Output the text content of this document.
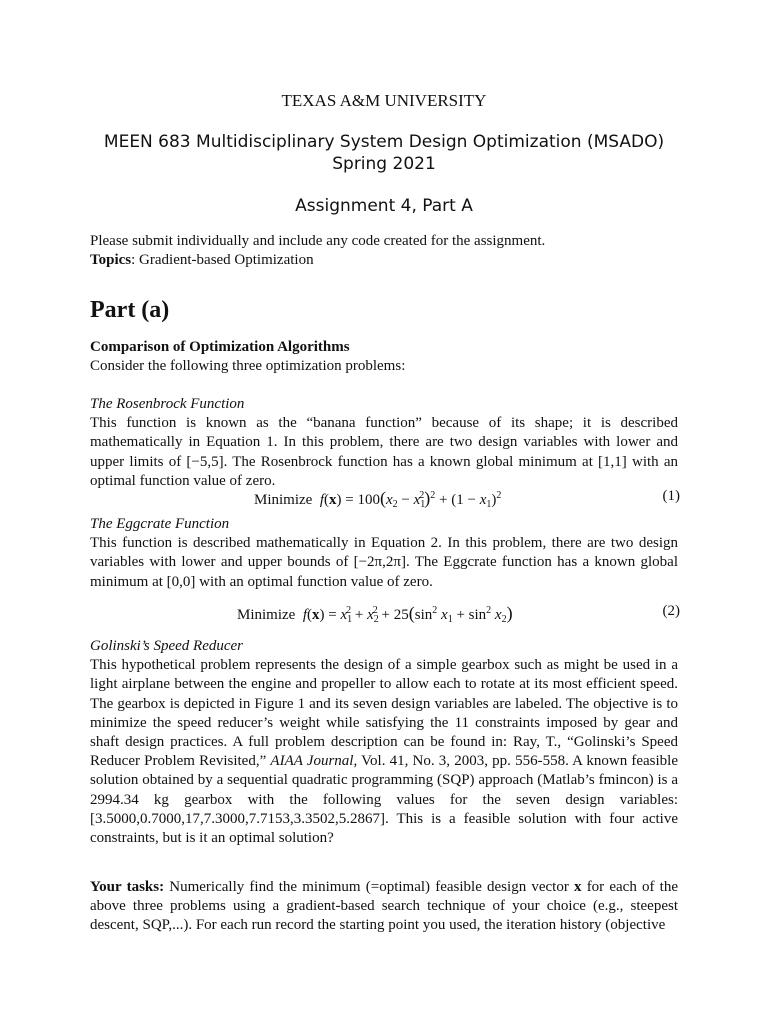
TEXAS A&M UNIVERSITY
MEEN 683 Multidisciplinary System Design Optimization (MSADO)
Spring 2021
Assignment 4, Part A

Please submit individually and include any code created for the assignment.

Topics: Gradient-based Optimization

Part (a)

Comparison of Optimization Algorithms

Consider the following three optimization problems:

The Rosenbrock Function

This function is known as the “banana function” because of its shape; it is described mathematically in Equation 1. In this problem, there are two design variables with lower and upper limits of [−5,5]. The Rosenbrock function has a known global minimum at [1,1] with an optimal function value of zero.

Minimize $f(x) = 100(x_2 - x_1^2)^2 + (1 - x_1)^2$	(1)

The Eggcrate Function

This function is described mathematically in Equation 2. In this problem, there are two design variables with lower and upper bounds of [−2π,2π]. The Eggcrate function has a known global minimum at [0,0] with an optimal function value of zero.

Minimize $f(x) = x_1^2 + x_2^2 + 25(\sin^2$ $x_1 + \sin^2 x_2$)	(2)

Golinski’s Speed Reducer

This hypothetical problem represents the design of a simple gearbox such as might be used in a light airplane between the engine and propeller to allow each to rotate at its most efficient speed. The gearbox is depicted in Figure 1 and its seven design variables are labeled. The objective is to minimize the speed reducer’s weight while satisfying the 11 constraints imposed by gear and shaft design practices. A full problem description can be found in: Ray, T., “Golinski’s Speed Reducer Problem Revisited,” AIAA Journal, Vol. 41, No. 3, 2003, pp. 556-558. A known feasible solution obtained by a sequential quadratic programming (SQP) approach (Matlab’s fmincon) is a 2994.34 kg gearbox with the following values for the seven design variables: [3.5000,0.7000,17,7.3000,7.7153,3.3502,5.2867]. This is a feasible solution with four active constraints, but is it an optimal solution?

Your tasks: Numerically find the minimum (=optimal) feasible design vector x for each of the above three problems using a gradient-based search technique of your choice (e.g., steepest descent, SQP,...). For each run record the starting point you used, the iteration history (objective
